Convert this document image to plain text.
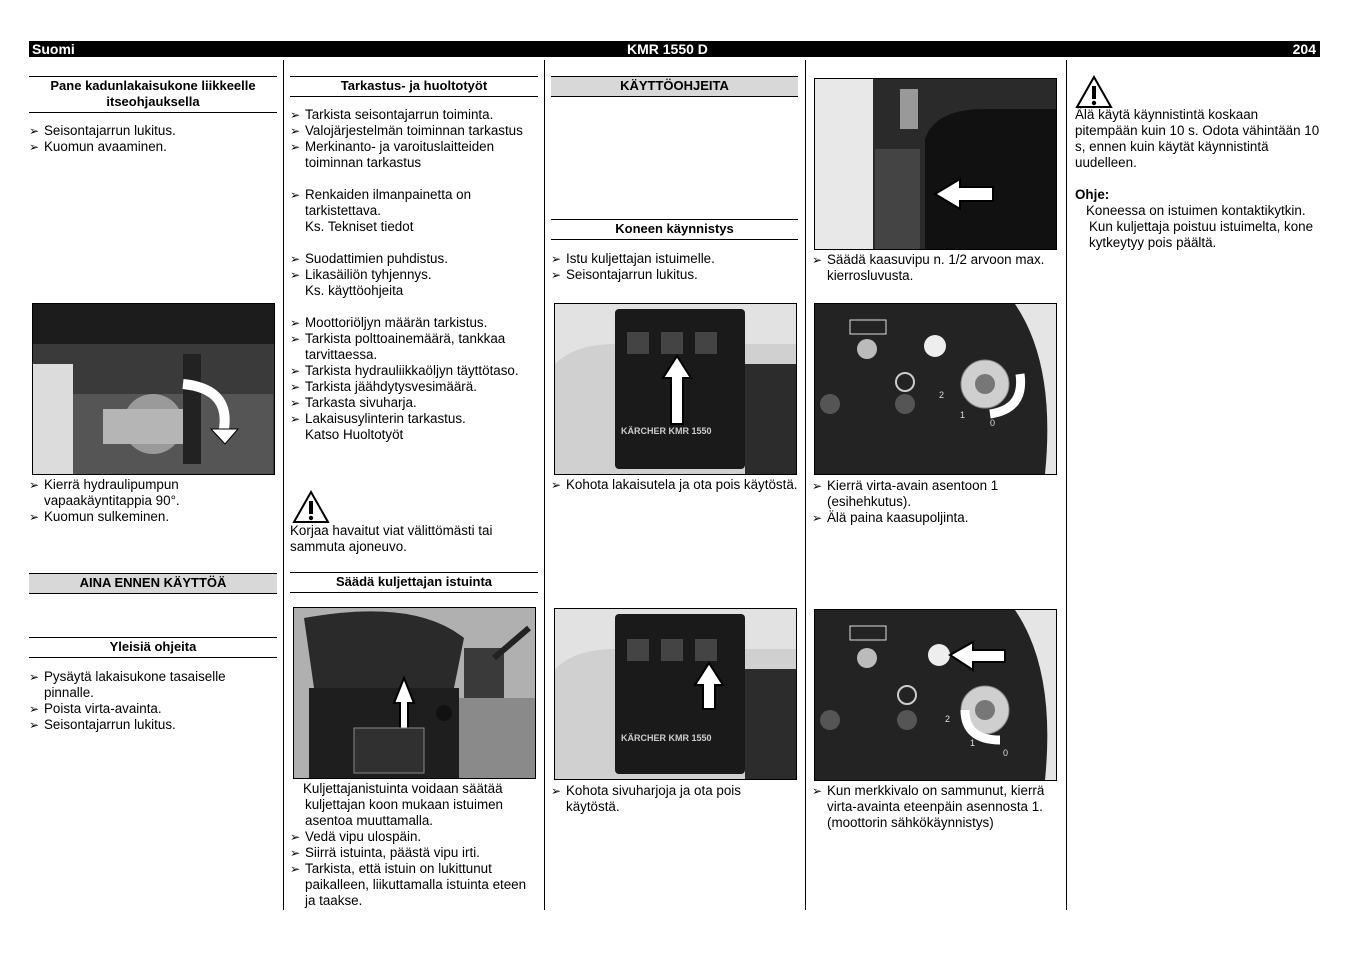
Suomi	KMR 1550 D	204
Pane kadunlakaisukone liikkeelle itseohjauksella
➢ Seisontajarrun lukitus.
➢ Kuomun avaaminen.
➢ Kierrä hydraulipumpun vapaakäyntitappia 90°.
➢ Kuomun sulkeminen.
AINA ENNEN KÄYTTÖÄ
Yleisiä ohjeita
➢ Pysäytä lakaisukone tasaiselle pinnalle.
➢ Poista virta-avainta.
➢ Seisontajarrun lukitus.
Tarkastus- ja huoltotyöt
➢ Tarkista seisontajarrun toiminta.
➢ Valojärjestelmän toiminnan tarkastus
➢ Merkinanto- ja varoituslaitteiden toiminnan tarkastus
➢ Renkaiden ilmanpainetta on tarkistettava.
Ks. Tekniset tiedot
➢ Suodattimien puhdistus.
➢ Likasäiliön tyhjennys.
Ks. käyttöohjeita
➢ Moottoriöljyn määrän tarkistus.
➢ Tarkista polttoainemäärä, tankkaa tarvittaessa.
➢ Tarkista hydrauliikkaöljyn täyttötaso.
➢ Tarkista jäähdytysvesimäärä.
➢ Tarkasta sivuharja.
➢ Lakaisusylinterin tarkastus.
Katso Huoltotyöt
Korjaa havaitut viat välittömästi tai sammuta ajoneuvo.
Säädä kuljettajan istuinta
Kuljettajanistuinta voidaan säätää kuljettajan koon mukaan istuimen asentoa muuttamalla.
➢ Vedä vipu ulospäin.
➢ Siirrä istuinta, päästä vipu irti.
➢ Tarkista, että istuin on lukittunut paikalleen, liikuttamalla istuinta eteen ja taakse.
KÄYTTÖOHJEITA
Koneen käynnistys
➢ Istu kuljettajan istuimelle.
➢ Seisontajarrun lukitus.
KÄRCHER KMR 1550
➢ Kohota lakaisutela ja ota pois käytöstä.
KÄRCHER KMR 1550
➢ Kohota sivuharjoja ja ota pois käytöstä.
➢ Säädä kaasuvipu n. 1/2 arvoon max. kierrosluvusta.
2
1
0
➢ Kierrä virta-avain asentoon 1 (esihehkutus).
➢ Älä paina kaasupoljinta.
2
1
0
➢ Kun merkkivalo on sammunut, kierrä virta-avainta eteenpäin asennosta 1. (moottorin sähkökäynnistys)
Älä käytä käynnistintä koskaan pitempään kuin 10 s. Odota vähintään 10 s, ennen kuin käytät käynnistintä uudelleen.
Ohje:
Koneessa on istuimen kontaktikytkin. Kun kuljettaja poistuu istuimelta, kone kytkeytyy pois päältä.
